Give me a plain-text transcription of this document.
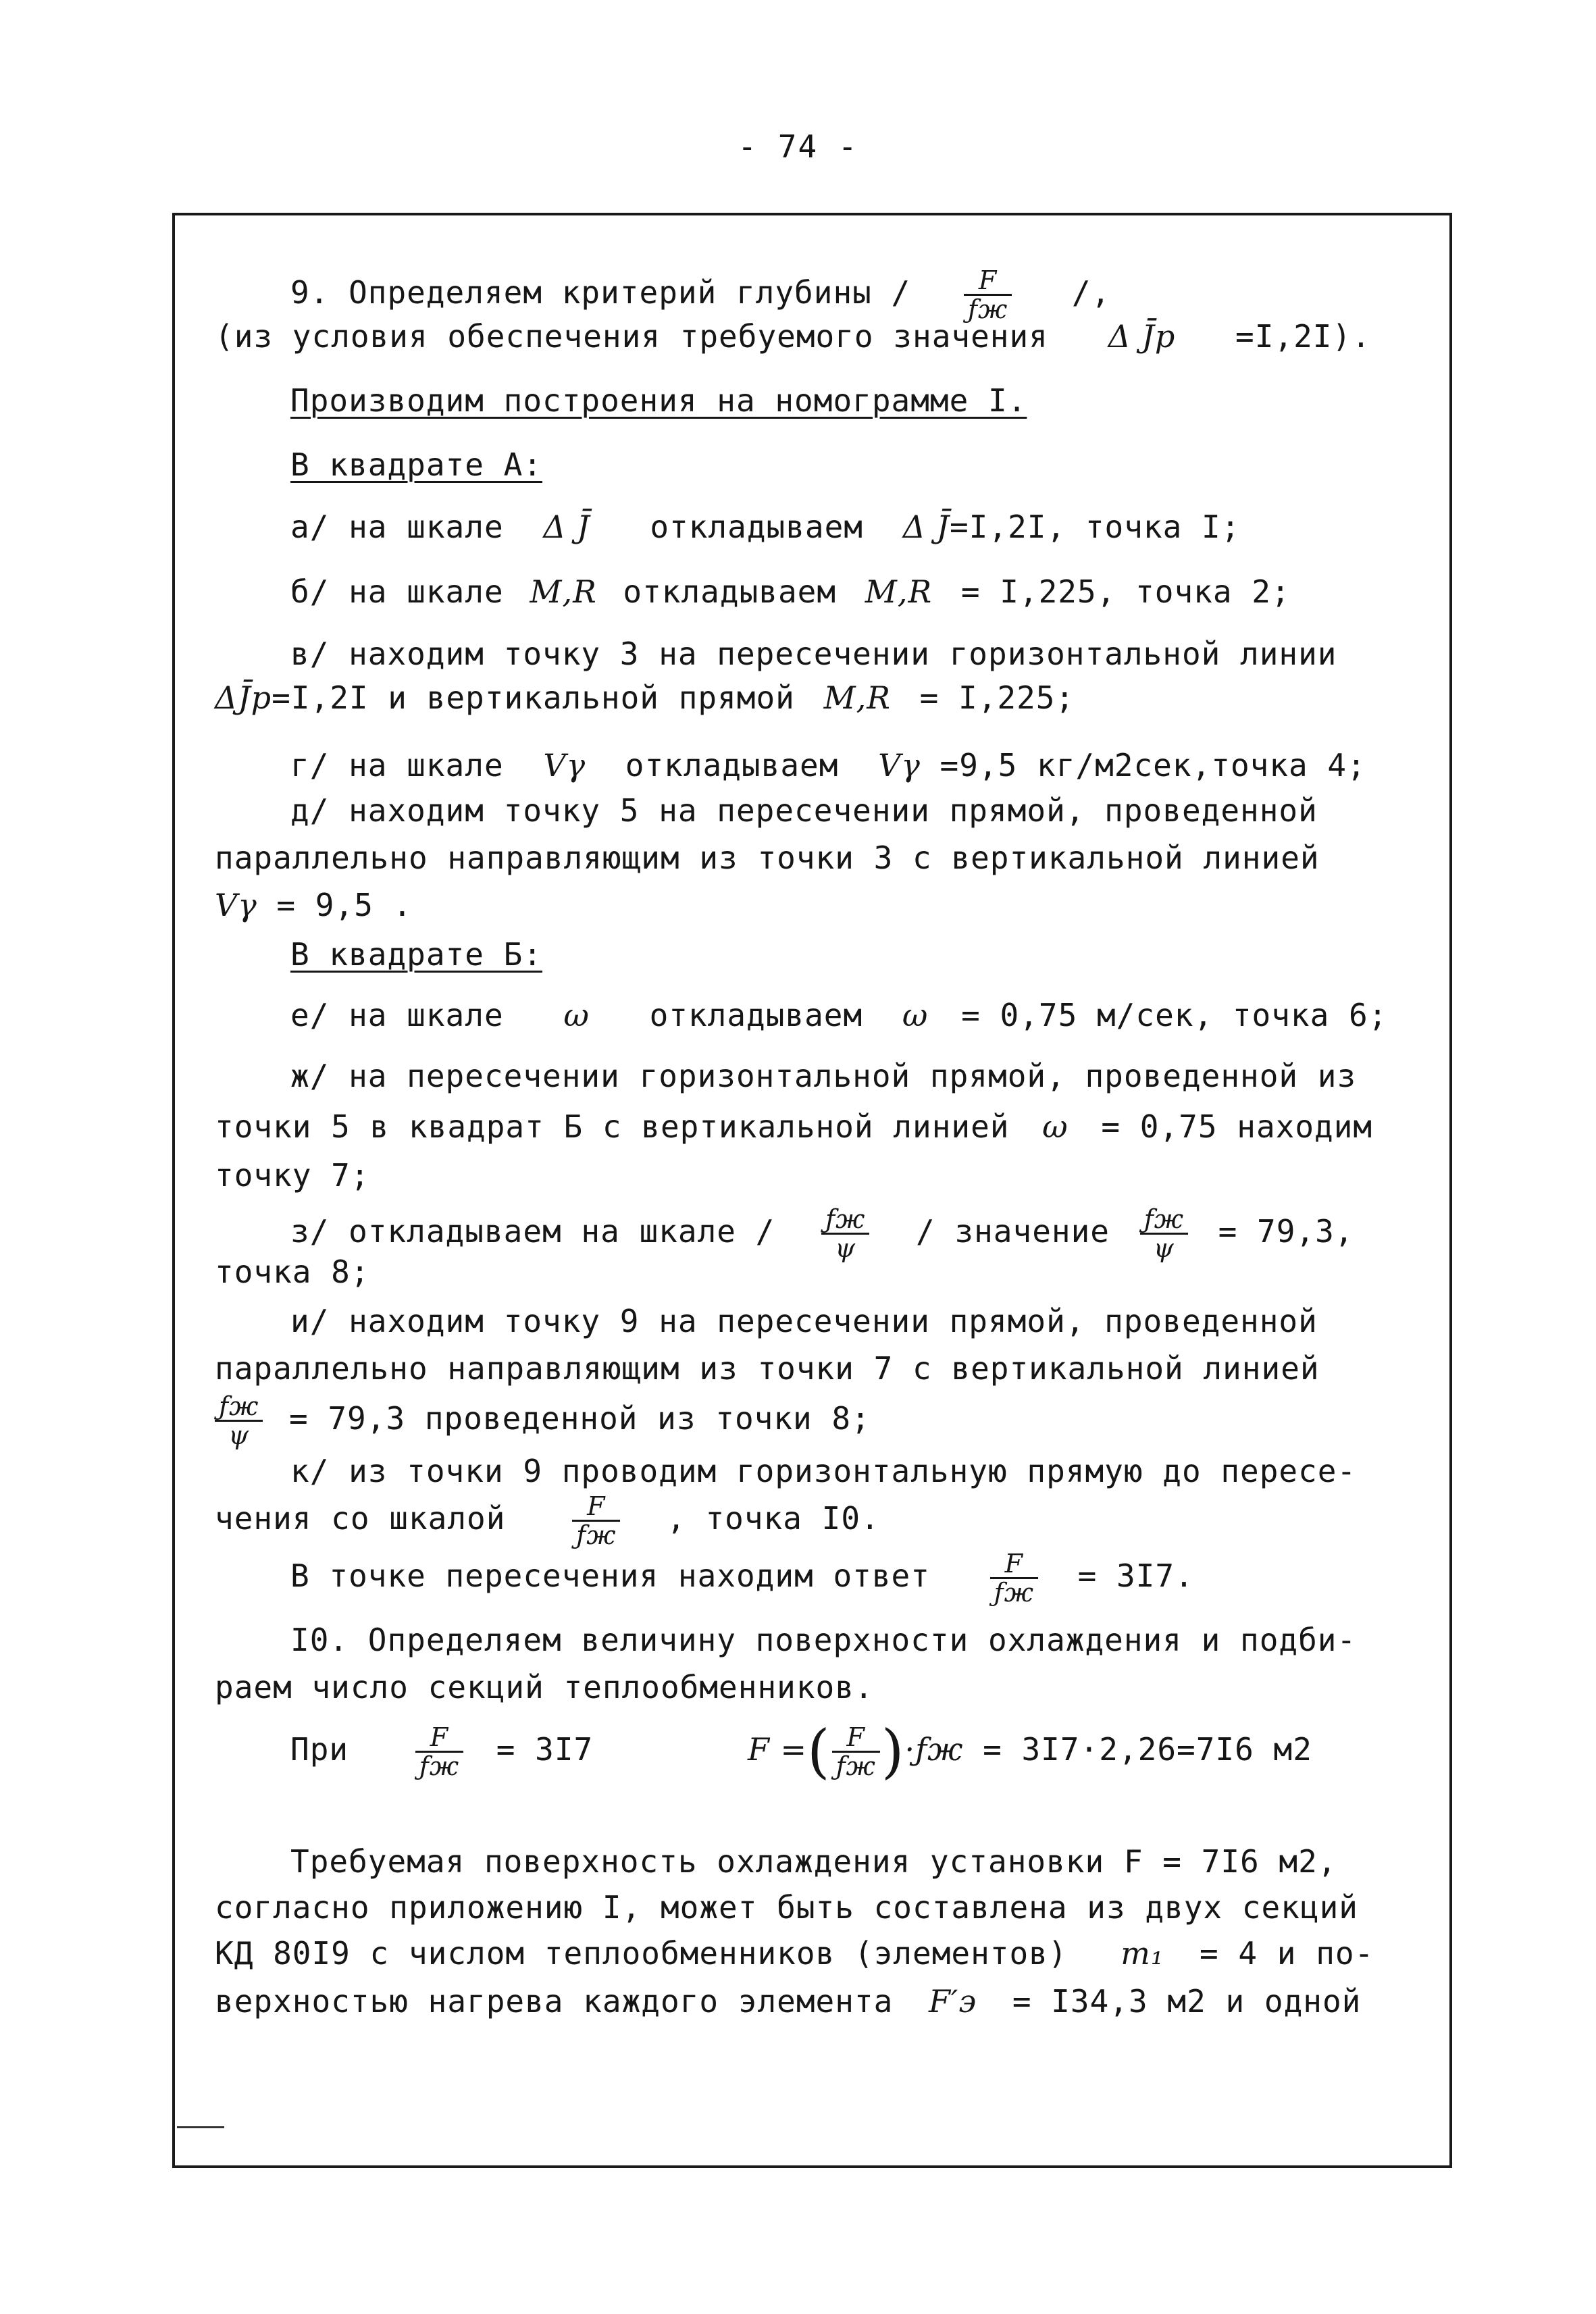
- 74 -
9. Определяем критерий глубины / $\frac{F}{ƒж}$ /,
(из условия обеспечения требуемого значения Δ J̄р =I,2I).
Производим построения на номограмме I.
В квадрате А:
а/ на шкале Δ J̄ откладываем Δ J̄=I,2I, точка I;
б/ на шкале M,R откладываем M,R = I,225, точка 2;
в/ находим точку 3 на пересечении горизонтальной линии
ΔJ̄р=I,2I и вертикальной прямой M,R = I,225;
г/ на шкале Vγ откладываем Vγ =9,5 кг/м2сек,точка 4;
д/ находим точку 5 на пересечении прямой, проведенной
параллельно направляющим из точки 3 с вертикальной линией
Vγ = 9,5 .
В квадрате Б:
е/ на шкале ω откладываем ω = 0,75 м/сек, точка 6;
ж/ на пересечении горизонтальной прямой, проведенной из
точки 5 в квадрат Б с вертикальной линией ω = 0,75 находим
точку 7;
з/ откладываем на шкале / $\frac{ƒж}{\psi}$ / значение $\frac{ƒж}{\psi} = 79,3$,
точка 8;
и/ находим точку 9 на пересечении прямой, проведенной
параллельно направляющим из точки 7 с вертикальной линией
$\frac{ƒж}{\psi} = 79,3$ проведенной из точки 8;
к/ из точки 9 проводим горизонтальную прямую до пересе-
чения со шкалой	$\frac{F}{ƒж}$ , точка I0.
В точке пересечения находим ответ $\frac{F}{ƒж} = 3I7$.
I0. Определяем величину поверхности охлаждения и подби-
раем число секций теплообменников.
При	$\frac{F}{ƒж} = 3I7$	F =( $\frac{F}{ƒж}$ )·ƒж = 3I7·2,26=7I6 м2
Требуемая поверхность охлаждения установки F = 7I6 м2,
согласно приложению I, может быть составлена из двух секций
КД 80I9 с числом теплообменников (элементов) m₁ = 4 и по-
верхностью нагрева каждого элемента F′э = I34,3 м2 и одной
